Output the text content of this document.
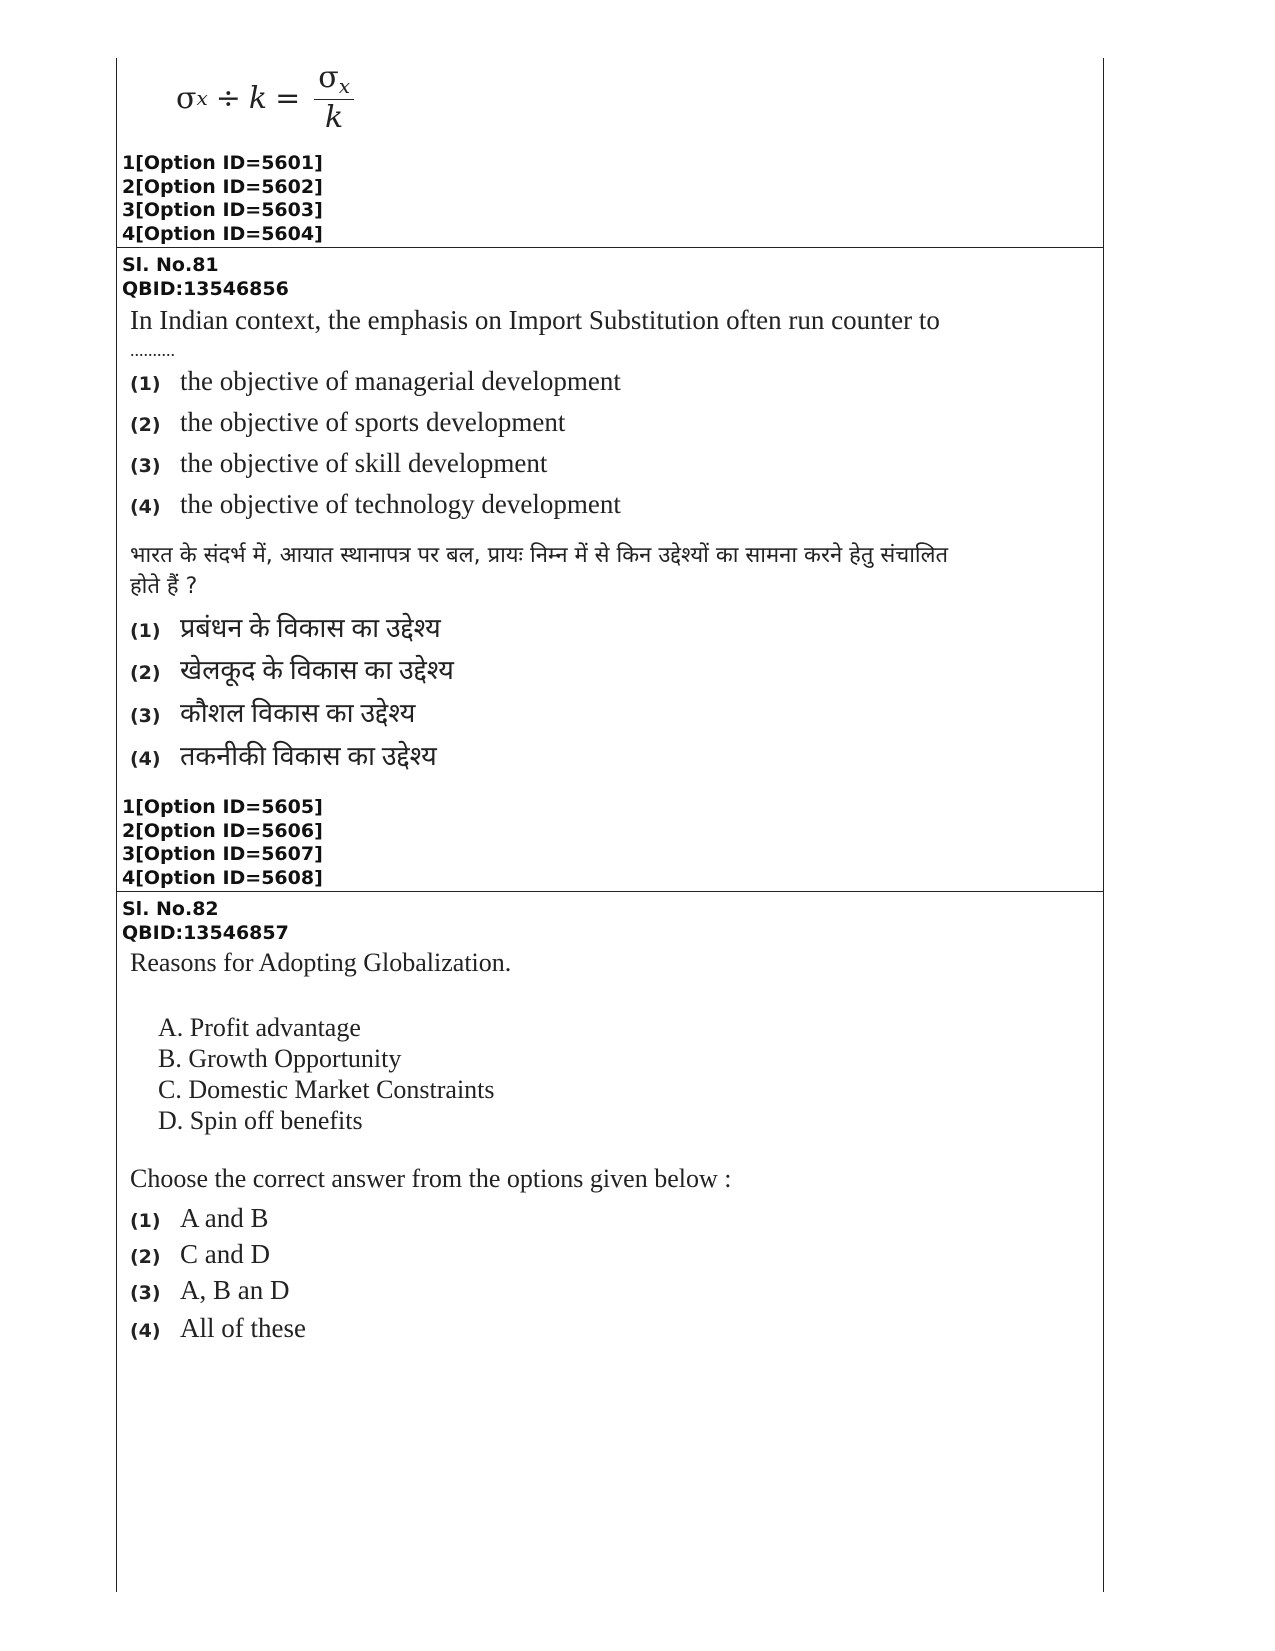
σ $x \div k = \frac{\sigma_x}{k}$
1[Option ID=5601]
2[Option ID=5602]
3[Option ID=5603]
4[Option ID=5604]
Sl. No.81
QBID:13546856
In Indian context, the emphasis on Import Substitution often run counter to
..........
(1) the objective of managerial development
(2) the objective of sports development
(3) the objective of skill development
(4) the objective of technology development
भारत के संदर्भ में, आयात स्थानापत्र पर बल, प्रायः निम्न में से किन उद्देश्यों का सामना करने हेतु संचालित
होते हैं ?
(1) प्रबंधन के विकास का उद्देश्य
(2) खेलकूद के विकास का उद्देश्य
(3) कौैशल विकास का उद्देश्य
(4) तकनीकी विकास का उद्देश्य
1[Option ID=5605]
2[Option ID=5606]
3[Option ID=5607]
4[Option ID=5608]
Sl. No.82
QBID:13546857
Reasons for Adopting Globalization.
A. Profit advantage
B. Growth Opportunity
C. Domestic Market Constraints
D. Spin off benefits
Choose the correct answer from the options given below :
(1) A and B
(2) C and D
(3) A, B an D
(4) All of these
